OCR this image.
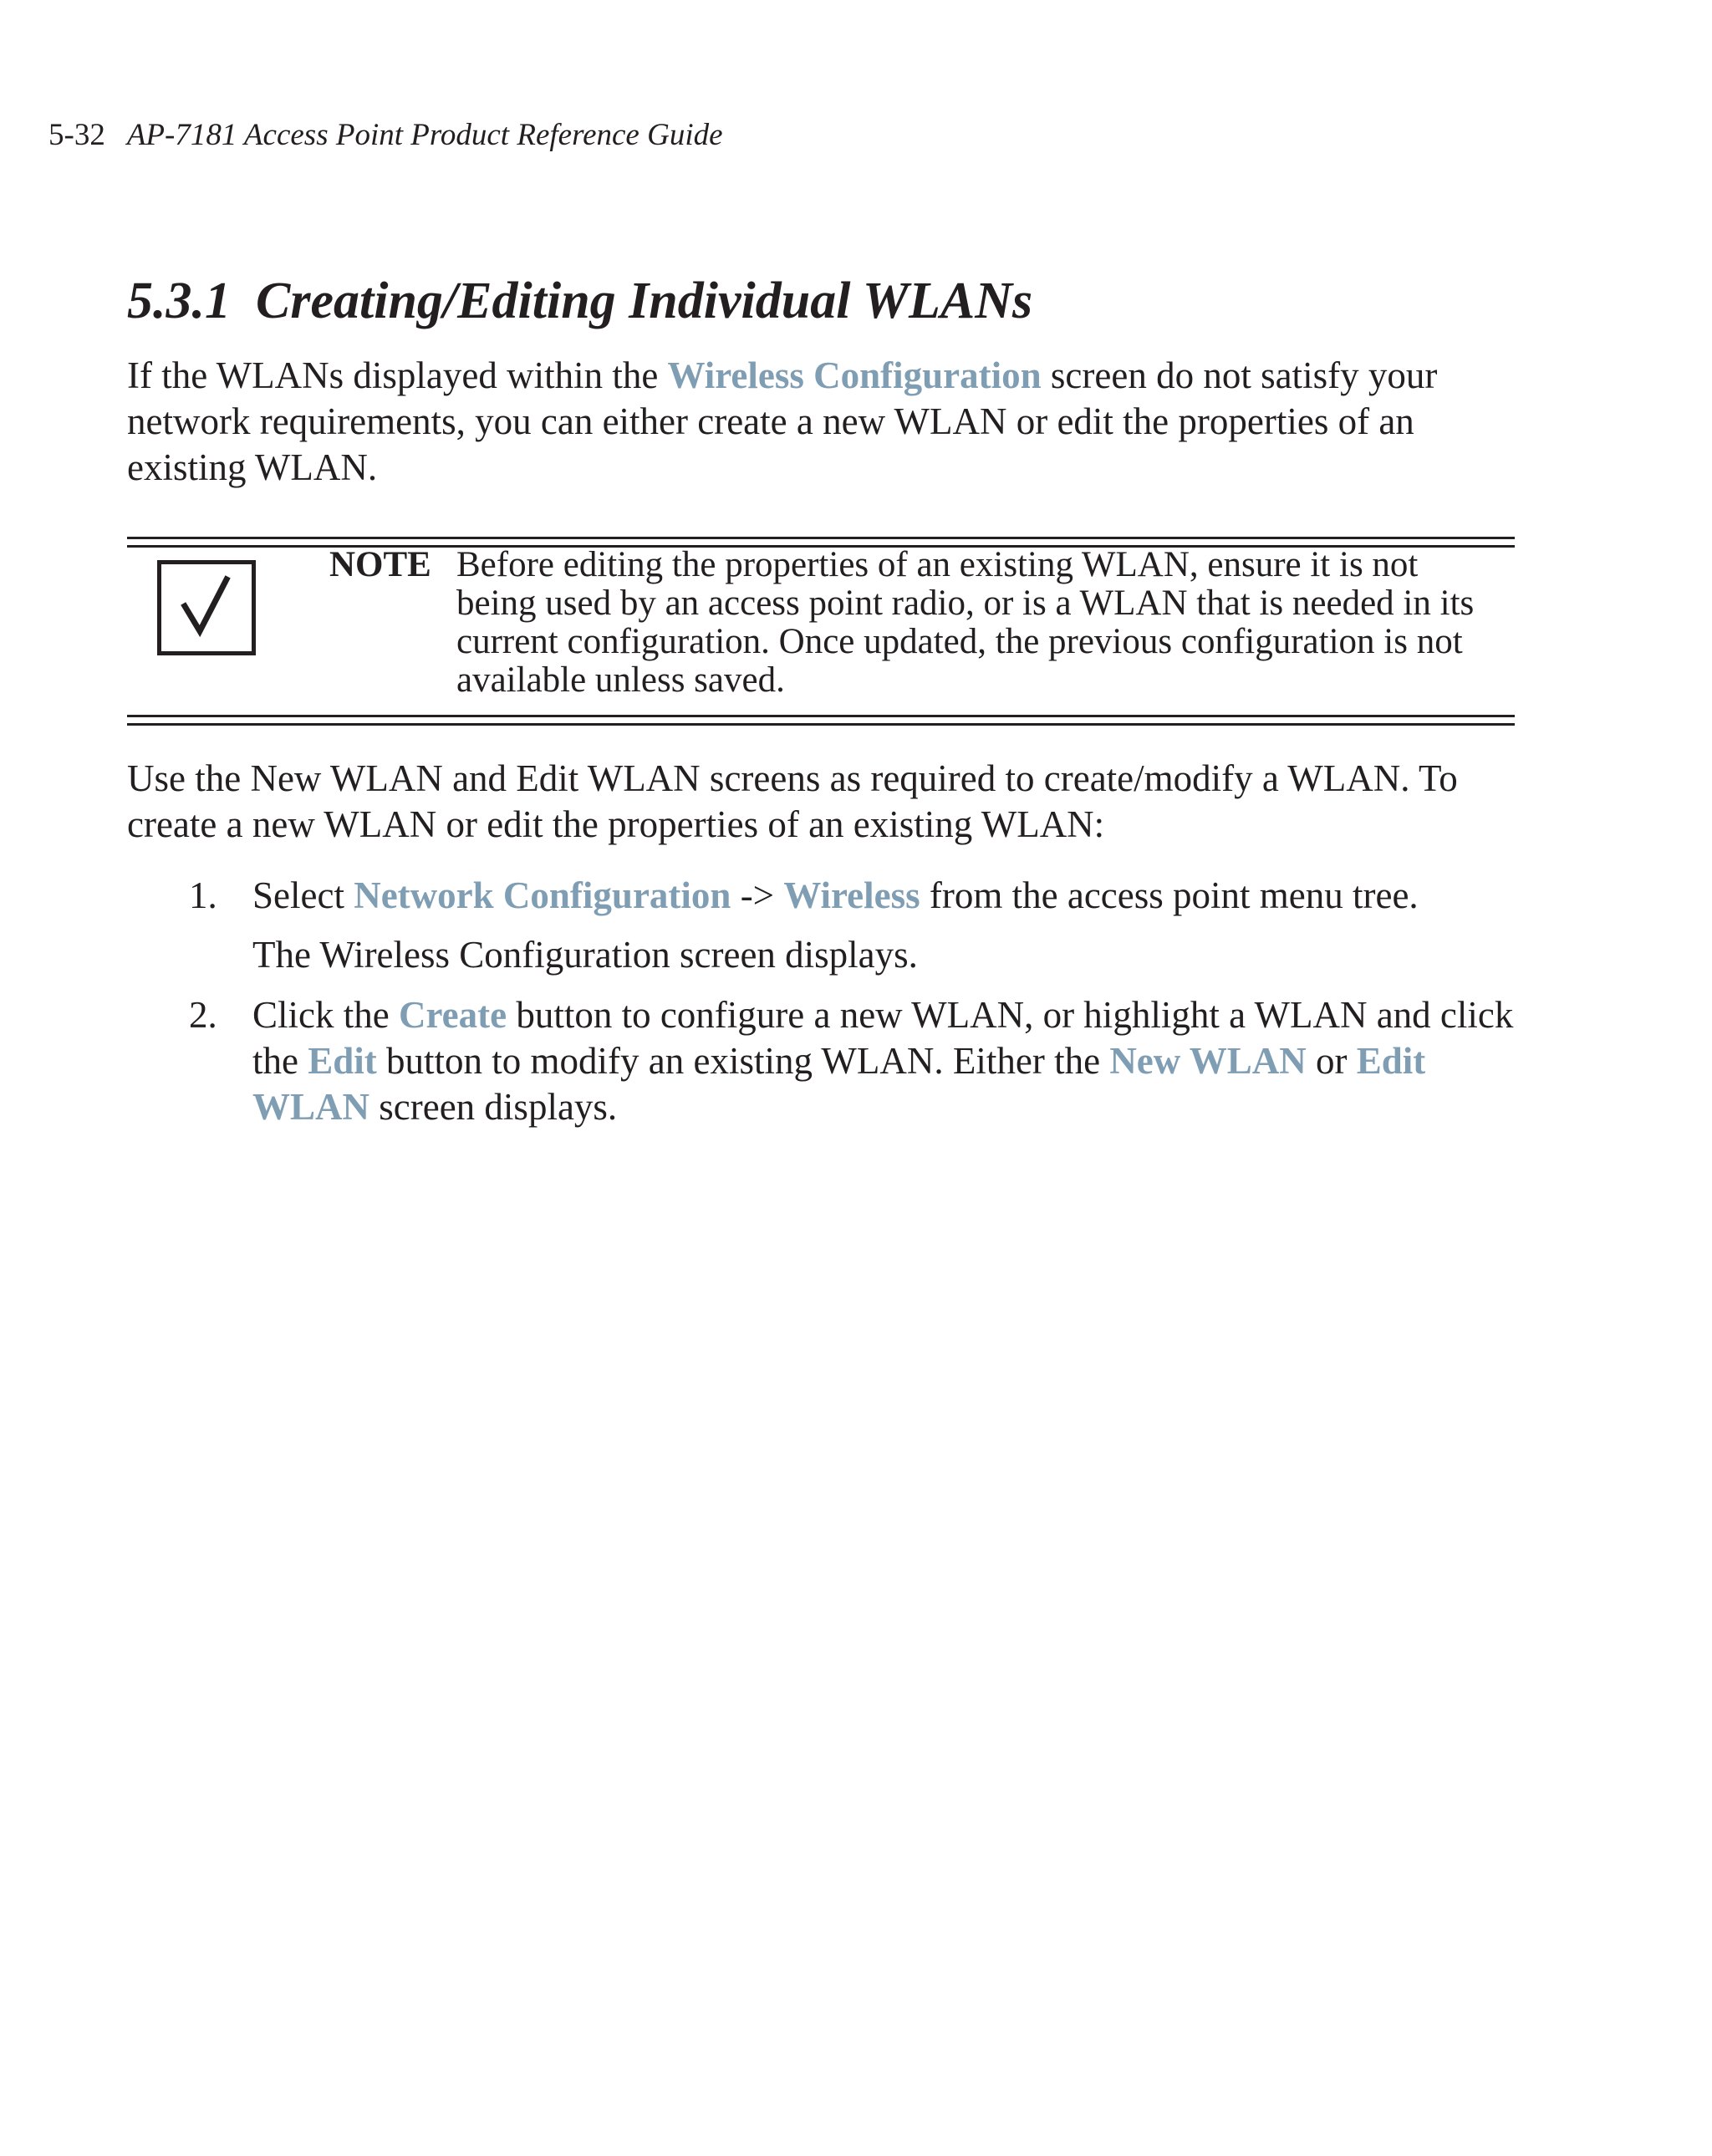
5-32 AP-7181 Access Point Product Reference Guide
5.3.1 Creating/Editing Individual WLANs

If the WLANs displayed within the Wireless Configuration screen do not satisfy your network requirements, you can either create a new WLAN or edit the properties of an existing WLAN.

NOTE Before editing the properties of an existing WLAN, ensure it is not being used by an access point radio, or is a WLAN that is needed in its current configuration. Once updated, the previous configuration is not available unless saved.

Use the New WLAN and Edit WLAN screens as required to create/modify a WLAN. To create a new WLAN or edit the properties of an existing WLAN:

1. Select Network Configuration -> Wireless from the access point menu tree.

The Wireless Configuration screen displays.

2. Click the Create button to configure a new WLAN, or highlight a WLAN and click the Edit button to modify an existing WLAN. Either the New WLAN or Edit WLAN screen displays.
